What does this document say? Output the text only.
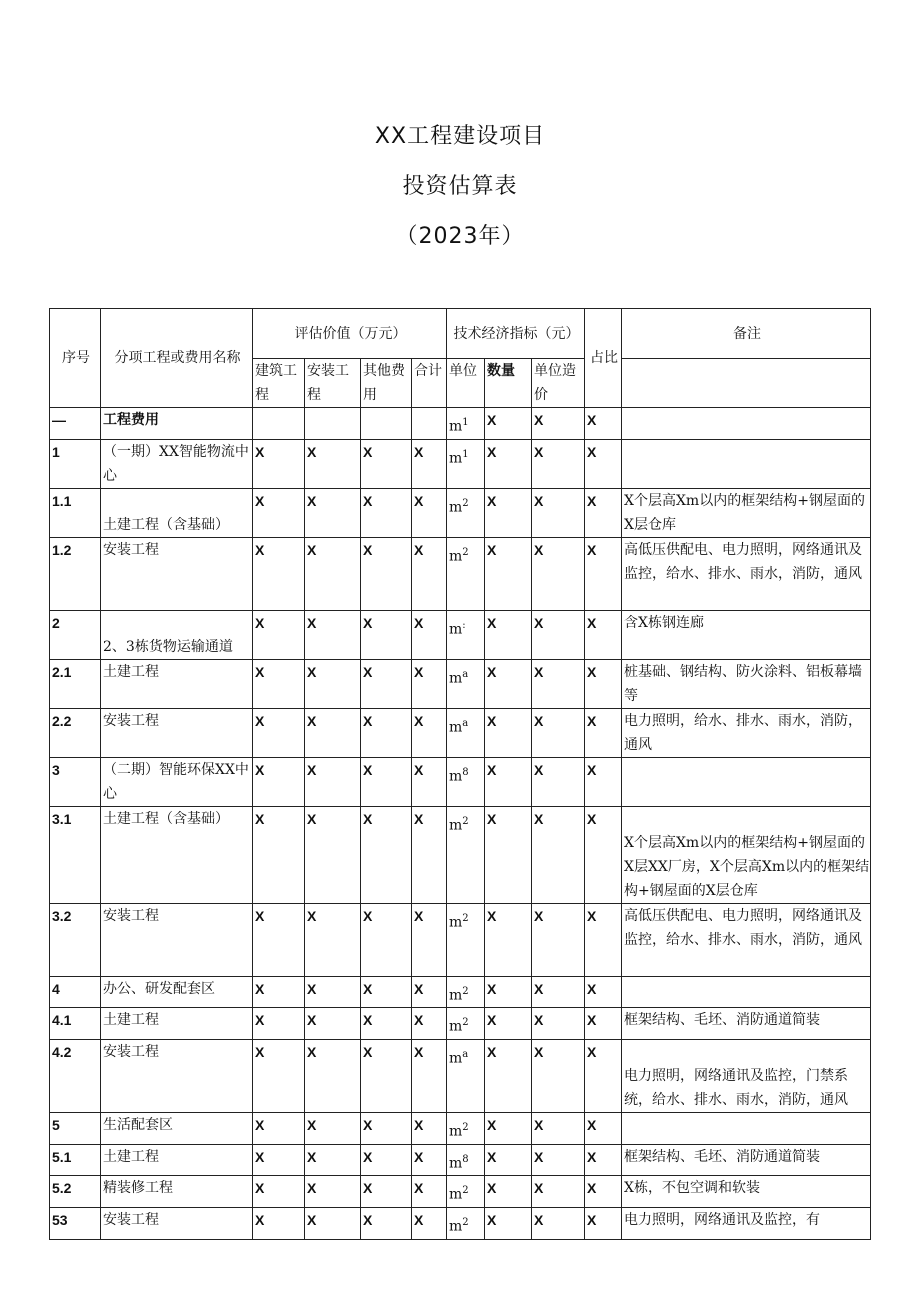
XX工程建设项目
投资估算表
（2023年）
序号	分项工程或费用名称	评估价值（万元）				技术经济指标（元）			占比	备注
		建筑工程	安装工程	其他费用	合计	单位	数量	单位造价		
—	工程费用					$m^1$	X	X	X	
1	（一期）XX智能物流中心	X	X	X	X	$m^1$	X	X	X	
1.1	土建工程（含基础）	X	X	X	X	$m^2$	X	X	X	X个层高Xm以内的框架结构+钢屋面的X层仓库
1.2	安装工程	X	X	X	X	$m^2$	X	X	X	高低压供配电、电力照明，网络通讯及监控，给水、排水、雨水，消防，通风
2	2、3栋货物运输通道	X	X	X	X	m:	X	X	X	含X栋钢连廊
2.1	土建工程	X	X	X	X	$m^a$	X	X	X	桩基础、钢结构、防火涂料、铝板幕墙等
2.2	安装工程	X	X	X	X	$m^a$	X	X	X	电力照明，给水、排水、雨水，消防，通风
3	（二期）智能环保XX中心	X	X	X	X	$m^8$	X	X	X	
3.1	土建工程（含基础）	X	X	X	X	$m^2$	X	X	X	X个层高Xm以内的框架结构+钢屋面的X层XX厂房，X个层高Xm以内的框架结构+钢屋面的X层仓库
3.2	安装工程	X	X	X	X	$m^2$	X	X	X	高低压供配电、电力照明，网络通讯及监控，给水、排水、雨水，消防，通风
4	办公、研发配套区	X	X	X	X	$m^2$	X	X	X	
4.1	土建工程	X	X	X	X	$m^2$	X	X	X	框架结构、毛坯、消防通道简装
4.2	安装工程	X	X	X	X	$m^a$	X	X	X	电力照明，网络通讯及监控，门禁系统，给水、排水、雨水，消防，通风
5	生活配套区	X	X	X	X	$m^2$	X	X	X	
5.1	土建工程	X	X	X	X	$m^8$	X	X	X	框架结构、毛坯、消防通道简装
5.2	精装修工程	X	X	X	X	$m^2$	X	X	X	X栋，不包空调和软装
53	安装工程	X	X	X	X	$m^2$	X	X	X	电力照明，网络通讯及监控，有
